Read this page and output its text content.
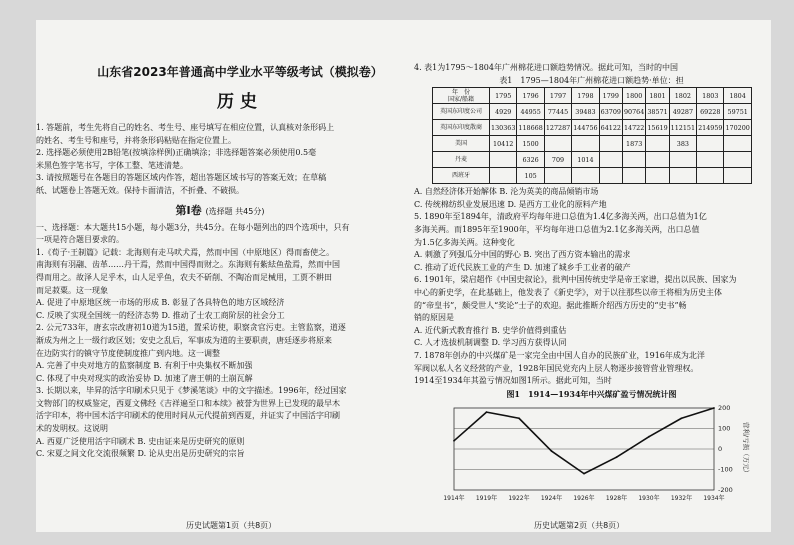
山东省2023年普通高中学业水平等级考试（模拟卷）
历史

1. 答题前，考生先将自己的姓名、考生号、座号填写在相应位置，认真核对条形码上

的姓名、考生号和座号，并将条形码粘贴在指定位置上。

2. 选择题必须使用2B铅笔(按填涂样例)正确填涂；非选择题答案必须使用0.5毫

米黑色签字笔书写，字体工整、笔迹清楚。

3. 请按照题号在各题目的答题区域内作答，超出答题区域书写的答案无效；在草稿

纸、试题卷上答题无效。保持卡面清洁，不折叠、不破损。

第Ⅰ卷 (选择题 共45分)

一、选择题：本大题共15小题，每小题3分，共45分。在每小题列出的四个选项中，只有

一项是符合题目要求的。

1.《荀子·王制篇》记载：北海则有走马吠犬焉，然而中国（中原地区）得而畜使之。

南海则有羽翮、齿革……丹干焉，然而中国得而财之。东海则有紫紶鱼盐焉，然而中国

得而用之。故泽人足乎木，山人足乎鱼，农夫不斫削、不陶冶而足械用，工贾不耕田

而足菽粟。这一现象

A. 促进了中原地区统一市场的形成 B. 彰显了各具特色的地方区域经济

C. 反映了实现全国统一的经济态势 D. 推动了士农工商阶层的社会分工

2. 公元733年，唐玄宗改唐初10道为15道，置采访使，职察贪官污吏。主管监察，道逐

渐成为州之上一级行政区划；安史之乱后，军事成为道的主要职责，唐廷逐步将原来

在边防实行的镇守节度使制度推广到内地。这一调整

A. 完善了中央对地方的监察制度 B. 有利于中央集权不断加强

C. 体现了中央对现实的政治妥协 D. 加速了唐王朝的土崩瓦解

3. 长期以来，毕昇的活字印刷术只见于《梦溪笔谈》中的文字描述。1996年，经过国家

文物部门的权威鉴定，西夏文佛经《吉祥遍至口和本续》被誉为世界上已发现的最早木

活字印本，将中国木活字印刷术的使用时间从元代提前到西夏，并证实了中国活字印刷

术的发明权。这说明

A. 西夏广泛使用活字印刷术 B. 史由证来是历史研究的原则

C. 宋夏之间文化交流很频繁 D. 论从史出是历史研究的宗旨

历史试题第1页（共8页）

4. 表1为1795～1804年广州棉花进口额趋势情况。据此可知，当时的中国

表1　1795—1804年广州棉花进口额趋势·单位：担

年　份
国家/船籍	1795	1796	1797	1798	1799	1800	1801	1802	1803	1804
英国东印度公司	4929	44955	77445	39483	63709	90764	38571	49287	69228	59751
英国东印度散商	130363	118668	127287	144756	64122	14722	15619	112151	214959	170200
美国	10412	1500				1873		383		
丹麦		6326	709	1014						
西班牙		105								

A. 自然经济体开始解体 B. 沦为英美的商品倾销市场

C. 传统棉纺织业发展迅速 D. 是西方工业化的原料产地

5. 1890年至1894年，清政府平均每年进口总值为1.4亿多海关两，出口总值为1亿

多海关两。而1895年至1900年，平均每年进口总值为2.1亿多海关两，出口总值

为1.5亿多海关两。这种变化

A. 刺激了列强瓜分中国的野心 B. 突出了西方资本输出的需求

C. 推动了近代民族工业的产生 D. 加速了城乡手工业者的破产

6. 1901年，梁启超作《中国史叙论》，批判中国传统史学是帝王家谱，提出以民族、国家为

中心的新史学，在此基础上，他发表了《新史学》，对于以往那些以帝王将相为历史主体

的“帝皇书”，颇受世人“奖论”士子的欢迎。据此推断介绍西方历史的“史书”畅

销的原因是

A. 近代新式教育推行 B. 史学价值得到重估

C. 人才选拔机制调整 D. 学习西方获得认同

7. 1878年创办的中兴煤矿是一家完全由中国人自办的民族矿业，1916年成为北洋

军阀以私人名义经营的产业，1928年国民党充内上层人物逐步接管营业管理权。

1914至1934年其盈亏情况如图1所示。据此可知，当时

图1　1914—1934年中兴煤矿盈亏情况统计图

200
100
0
-100
-200
1914年 1919年 1922年 1924年 1926年 1928年 1930年 1932年 1934年
营利/亏损（万元）
历史试题第2页（共8页）
